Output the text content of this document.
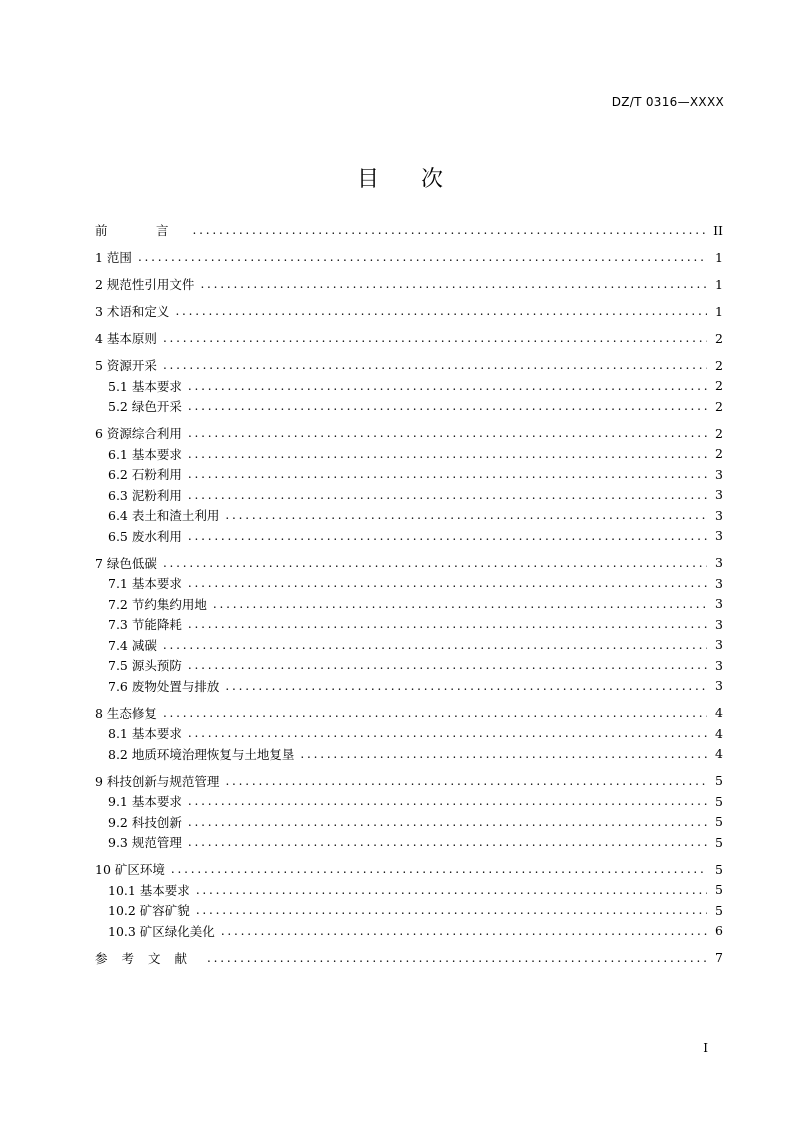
DZ/T 0316—XXXX
目 次
前　言 .....	II
1 范围 .....	1
2 规范性引用文件 .....	1
3 术语和定义 .....	1
4 基本原则 .....	2
5 资源开采 .....	2
5.1 基本要求 .....	2
5.2 绿色开采 .....	2
6 资源综合利用 .....	2
6.1 基本要求 .....	2
6.2 石粉利用 .....	3
6.3 泥粉利用 .....	3
6.4 表土和渣土利用 .....	3
6.5 废水利用 .....	3
7 绿色低碳 .....	3
7.1 基本要求 .....	3
7.2 节约集约用地 .....	3
7.3 节能降耗 .....	3
7.4 减碳 .....	3
7.5 源头预防 .....	3
7.6 废物处置与排放 .....	3
8 生态修复 .....	4
8.1 基本要求 .....	4
8.2 地质环境治理恢复与土地复垦 .....	4
9 科技创新与规范管理 .....	5
9.1 基本要求 .....	5
9.2 科技创新 .....	5
9.3 规范管理 .....	5
10 矿区环境 .....	5
10.1 基本要求 .....	5
10.2 矿容矿貌 .....	5
10.3 矿区绿化美化 .....	6
参考文献 .....	7
I
